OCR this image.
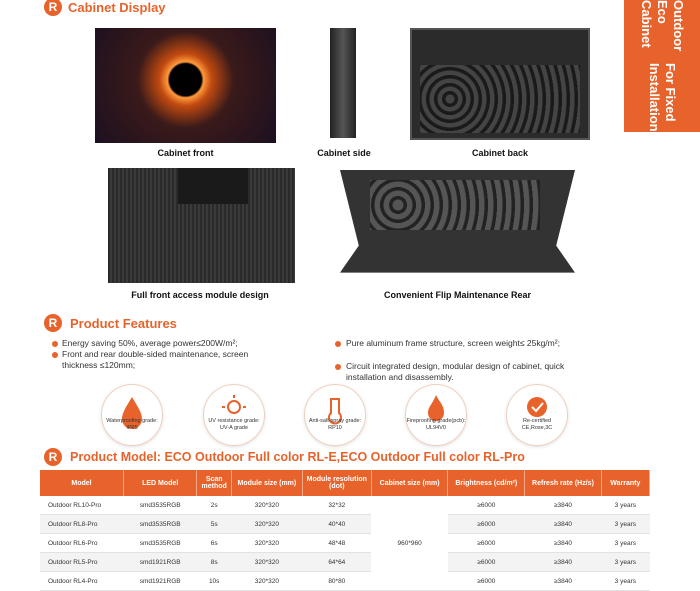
R Cabinet Display	Outdoor Eco Cabinet
For Fixed Installation
Cabinet front	Cabinet side	Cabinet back
Full front access module design	Convenient Flip Maintenance Rear
R Product Features
Energy saving 50%, average power≤200W/m²;
Front and rear double-sided maintenance, screen thickness ≤120mm;
Pure aluminum frame structure, screen weight≤ 25kg/m²;
Circuit integrated design, modular design of cabinet, quick installation and disassembly.
Waterproofing grade: IP65
UV resistance grade: UV-A grade
Anti-salt-spray grade: RP10
Fireproofing grade(pcb): UL94V0
Re-certified CE,Rose,3C
R	Product Model: ECO Outdoor Full color RL-E,ECO Outdoor Full color RL-Pro
Model	LED Model	Scan method	Module size (mm)	Module resolution (dot)	Cabinet size (mm)	Brightness (cd/m²)	Refresh rate (Hz/s)	Warranty
Outdoor RL10-Pro	smd3535RGB	2s	320*320	32*32	960*960	≥6000	≥3840	3 years
Outdoor RL8-Pro	smd3535RGB	5s	320*320	40*40		≥6000	≥3840	3 years
Outdoor RL6-Pro	smd3535RGB	6s	320*320	48*48		≥6000	≥3840	3 years
Outdoor RL5-Pro	smd1921RGB	8s	320*320	64*64		≥6000	≥3840	3 years
Outdoor RL4-Pro	smd1921RGB	10s	320*320	80*80		≥6000	≥3840	3 years
